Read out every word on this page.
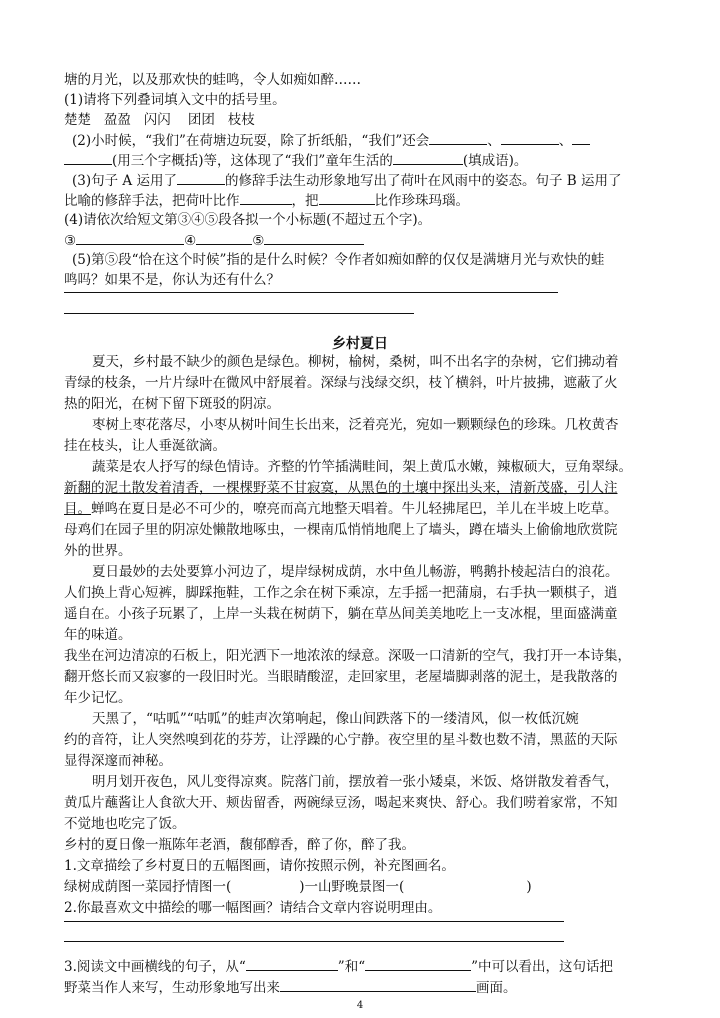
塘的月光，以及那欢快的蛙鸣，令人如痴如醉……
(1)请将下列叠词填入文中的括号里。
楚楚   盈盈   闪闪    团团   枝枝
(2)小时候，“我们”在荷塘边玩耍，除了折纸船，“我们”还会	、	、
(用三个字概括)等，这体现了“我们”童年生活的	(填成语)。
(3)句子 A 运用了	的修辞手法生动形象地写出了荷叶在风雨中的姿态。句子 B 运用了
比喻的修辞手法，把荷叶比作	，把	比作珍珠玛瑙。
(4)请依次给短文第③④⑤段各拟一个小标题(不超过五个字)。
③	④	⑤
(5)第⑤段“恰在这个时候”指的是什么时候？令作者如痴如醉的仅仅是满塘月光与欢快的蛙
鸣吗？如果不是，你认为还有什么？
乡村夏日
夏天，乡村最不缺少的颜色是绿色。柳树，榆树，桑树，叫不出名字的杂树，它们拂动着
青绿的枝条，一片片绿叶在微风中舒展着。深绿与浅绿交织，枝丫横斜，叶片披拂，遮蔽了火
热的阳光，在树下留下斑驳的阴凉。
枣树上枣花落尽，小枣从树叶间生长出来，泛着亮光，宛如一颗颗绿色的珍珠。几枚黄杏
挂在枝头，让人垂涎欲滴。
蔬菜是农人抒写的绿色情诗。齐整的竹竿插满畦间，架上黄瓜水嫩，辣椒硕大，豆角翠绿。
新翻的泥土散发着清香，一棵棵野菜不甘寂寞，从黑色的土壤中探出头来，清新茂盛，引人注
目。蝉鸣在夏日是必不可少的，嘹亮而高亢地整天唱着。牛儿轻拂尾巴，羊儿在半坡上吃草。
母鸡们在园子里的阴凉处懒散地啄虫，一棵南瓜悄悄地爬上了墙头，蹲在墙头上偷偷地欣赏院
外的世界。
夏日最妙的去处要算小河边了，堤岸绿树成荫，水中鱼儿畅游，鸭鹅扑棱起洁白的浪花。
人们换上背心短裤，脚踩拖鞋，工作之余在树下乘凉，左手摇一把蒲扇，右手执一颗棋子，逍
遥自在。小孩子玩累了，上岸一头栽在树荫下，躺在草丛间美美地吃上一支冰棍，里面盛满童
年的味道。
我坐在河边清凉的石板上，阳光洒下一地浓浓的绿意。深吸一口清新的空气，我打开一本诗集，
翻开悠长而又寂寥的一段旧时光。当眼睛酸涩，走回家里，老屋墙脚剥落的泥土，是我散落的
年少记忆。
天黑了，“咕呱”“咕呱”的蛙声次第响起，像山间跌落下的一缕清风，似一枚低沉婉
约的音符，让人突然嗅到花的芬芳，让浮躁的心宁静。夜空里的星斗数也数不清，黑蓝的天际
显得深邃而神秘。
明月划开夜色，风儿变得凉爽。院落门前，摆放着一张小矮桌，米饭、烙饼散发着香气，
黄瓜片蘸酱让人食欲大开、颊齿留香，两碗绿豆汤，喝起来爽快、舒心。我们唠着家常，不知
不觉地也吃完了饭。
乡村的夏日像一瓶陈年老酒，馥郁醇香，醉了你，醉了我。
1.文章描绘了乡村夏日的五幅图画，请你按照示例，补充图画名。
绿树成荫图一菜园抒情图一(	)一山野晚景图一(	)
2.你最喜欢文中描绘的哪一幅图画？请结合文章内容说明理由。
3.阅读文中画横线的句子，从“	”和“	”中可以看出，这句话把
野菜当作人来写，生动形象地写出来	画面。
4
